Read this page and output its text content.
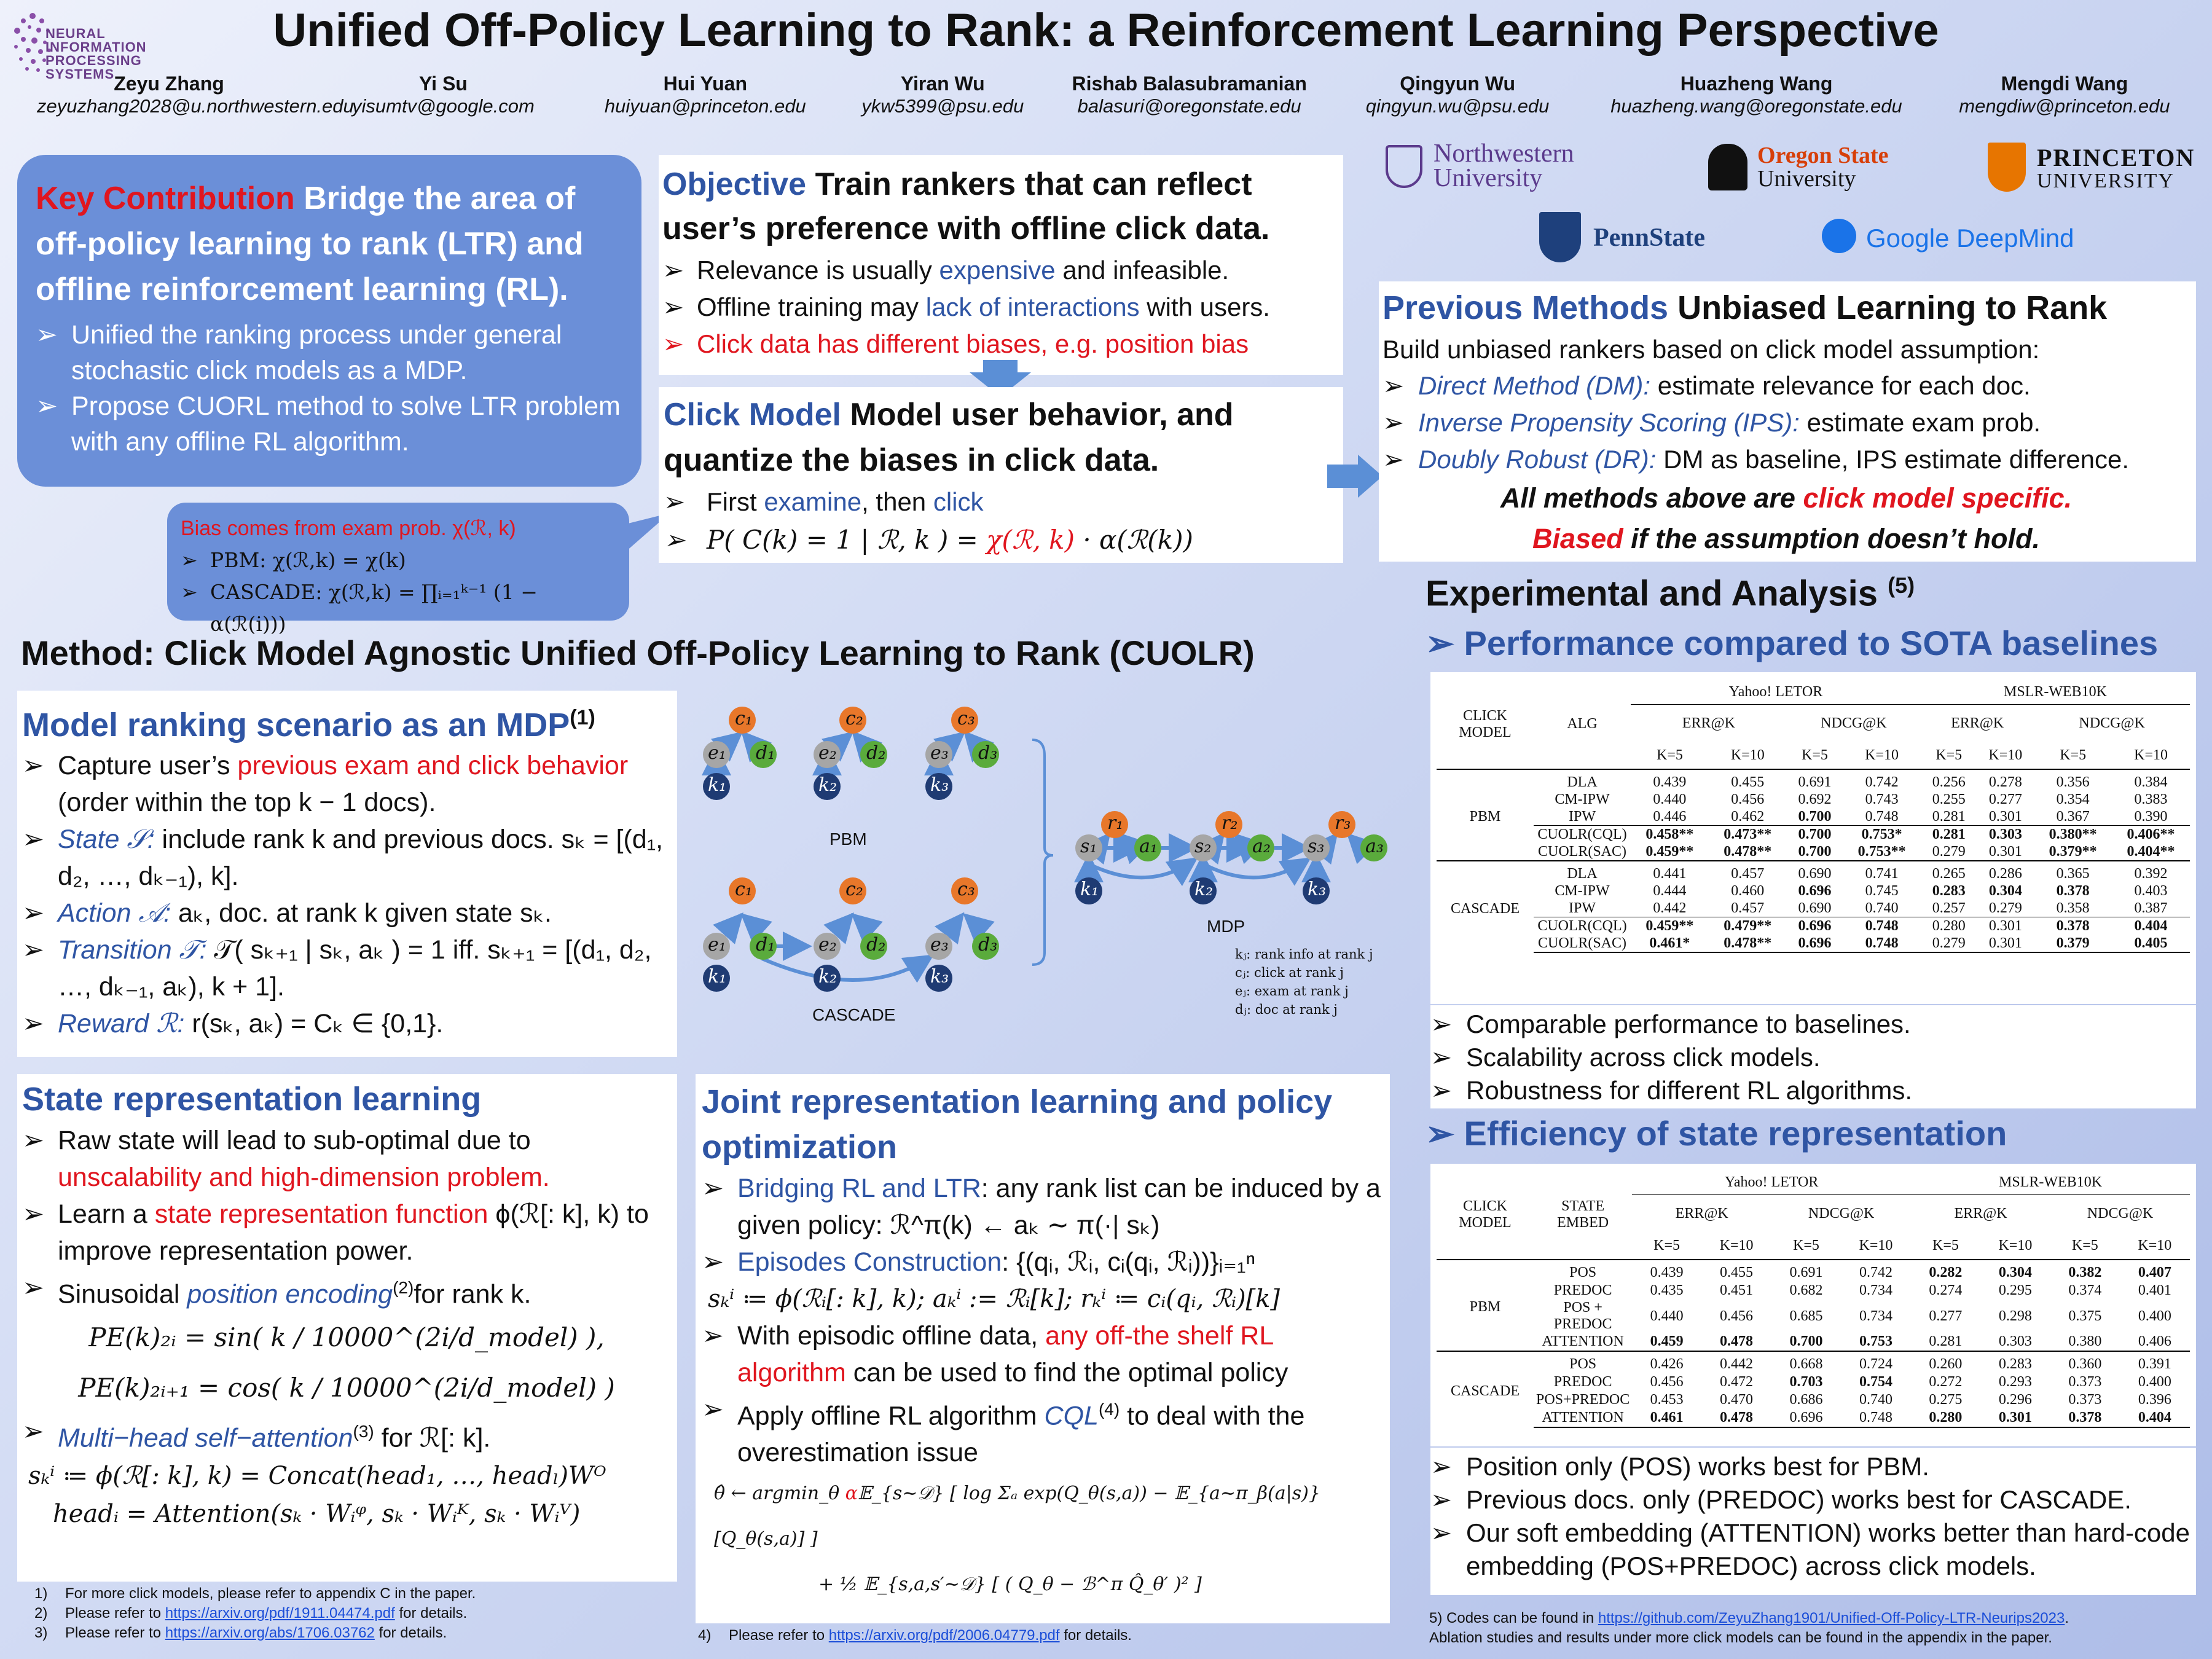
NEURAL
INFORMATION
PROCESSING
SYSTEMS
Unified Off-Policy Learning to Rank: a Reinforcement Learning Perspective
Zeyu Zhang
zeyuzhang2028@u.northwestern.edu
Yi Su
yisumtv@google.com
Hui Yuan
huiyuan@princeton.edu
Yiran Wu
ykw5399@psu.edu
Rishab Balasubramanian
balasuri@oregonstate.edu
Qingyun Wu
qingyun.wu@psu.edu
Huazheng Wang
huazheng.wang@oregonstate.edu
Mengdi Wang
mengdiw@princeton.edu
Northwestern
University
Oregon State
University
PRINCETON
UNIVERSITY
PennState	Google DeepMind
Key Contribution Bridge the area of off-policy learning to rank (LTR) and offline reinforcement learning (RL).
➢ Unified the ranking process under general stochastic click models as a MDP.
➢ Propose CUORL method to solve LTR problem with any offline RL algorithm.
Bias comes from exam prob. χ(ℛ, k)
➢ PBM: χ(ℛ,k) = χ(k)
➢ CASCADE: χ(ℛ,k) = ∏ᵢ₌₁ᵏ⁻¹ (1 − α(ℛ(i)))
Objective Train rankers that can reflect user’s preference with offline click data.
➢ Relevance is usually expensive and infeasible.
➢ Offline training may lack of interactions with users.
➢ Click data has different biases, e.g. position bias
Click Model Model user behavior, and quantize the biases in click data.
➢ First examine, then click
➢ P( C(k) = 1 | ℛ, k ) = χ(ℛ, k) · α(ℛ(k))
Previous Methods Unbiased Learning to Rank
Build unbiased rankers based on click model assumption:
➢ Direct Method (DM): estimate relevance for each doc.
➢ Inverse Propensity Scoring (IPS): estimate exam prob.
➢ Doubly Robust (DR): DM as baseline, IPS estimate difference.
All methods above are click model specific.
Biased if the assumption doesn’t hold.
Method: Click Model Agnostic Unified Off-Policy Learning to Rank (CUOLR)
Model ranking scenario as an MDP$^{(1)}$
➢ Capture user’s previous exam and click behavior (order within the top k − 1 docs).
➢ State 𝒮: include rank k and previous docs. sₖ = [(d₁, d₂, …, dₖ₋₁), k].
➢ Action 𝒜: aₖ, doc. at rank k given state sₖ.
➢ Transition 𝒯: 𝒯( sₖ₊₁ | sₖ, aₖ ) = 1 iff. sₖ₊₁ = [(d₁, d₂, …, dₖ₋₁, aₖ), k + 1].
➢ Reward ℛ: r(sₖ, aₖ) = Cₖ ∈ {0,1}.
c₁
e₁ d₁
k₁
c₂
e₂ d₂
k₂
c₃
e₃ d₃
k₃
PBM
c₁
e₁ d₁
k₁
c₂
e₂ d₂
k₂
c₃
e₃ d₃
k₃
CASCADE
r₁
s₁ a₁
k₁
r₂
s₂ a₂
k₂
r₃
s₃ a₃
k₃
MDP
kⱼ: rank info at rank j
cⱼ: click at rank j
eⱼ: exam at rank j
dⱼ: doc at rank j
State representation learning
➢ Raw state will lead to sub-optimal due to unscalability and high-dimension problem.
➢ Learn a state representation function ϕ(ℛ[: k], k) to improve representation power.
➢ Sinusoidal position encoding$^{(2)}$for rank k.
PE(k)₂ᵢ = sin( k / 10000^(2i/d_model) ),
PE(k)₂ᵢ₊₁ = cos( k / 10000^(2i/d_model) )
➢ Multi−head self−attention$^{(3)}$ for ℛ[: k].
sₖⁱ ≔ ϕ(ℛ[: k], k) = Concat(head₁, …, headₗ)Wᴼ
headᵢ = Attention(sₖ · Wᵢᵠ, sₖ · Wᵢᴷ, sₖ · Wᵢⱽ)
Joint representation learning and policy optimization
➢ Bridging RL and LTR: any rank list can be induced by a given policy: ℛ^π(k) ← aₖ ∼ π(·| sₖ)
➢ Episodes Construction: {(qᵢ, ℛᵢ, cᵢ(qᵢ, ℛᵢ))}ᵢ₌₁ⁿ
sₖⁱ ≔ ϕ(ℛᵢ[: k], k); aₖⁱ := ℛᵢ[k]; rₖⁱ ≔ cᵢ(qᵢ, ℛᵢ)[k]
➢ With episodic offline data, any off-the shelf RL algorithm can be used to find the optimal policy
➢ Apply offline RL algorithm CQL$^{(4)}$ to deal with the overestimation issue
θ̂ ← argmin_θ α𝔼_{s∼𝒟} [ log Σₐ exp(Q_θ(s,a)) − 𝔼_{a∼π_β(a|s)}[Q_θ(s,a)] ]
+ ½ 𝔼_{s,a,s′∼𝒟} [ ( Q_θ − ℬ^π Q̂_θ′ )² ]
1) For more click models, please refer to appendix C in the paper.
2) Please refer to https://arxiv.org/pdf/1911.04474.pdf for details.
3) Please refer to https://arxiv.org/abs/1706.03762 for details.	4) Please refer to https://arxiv.org/pdf/2006.04779.pdf for details.
Experimental and Analysis $^{(5)}$
➢ Performance compared to SOTA baselines
CLICK MODEL	ALG	Yahoo! LETOR				MSLR-WEB10K			
		ERR@K		NDCG@K		ERR@K		NDCG@K	
		K=5	K=10	K=5	K=10	K=5	K=10	K=5	K=10
PBM	DLA	0.439	0.455	0.691	0.742	0.256	0.278	0.356	0.384
	CM-IPW	0.440	0.456	0.692	0.743	0.255	0.277	0.354	0.383
	IPW	0.446	0.462	0.700	0.748	0.281	0.301	0.367	0.390
	CUOLR(CQL)	0.458**	0.473**	0.700	0.753*	0.281	0.303	0.380**	0.406**
	CUOLR(SAC)	0.459**	0.478**	0.700	0.753**	0.279	0.301	0.379**	0.404**
CASCADE	DLA	0.441	0.457	0.690	0.741	0.265	0.286	0.365	0.392
	CM-IPW	0.444	0.460	0.696	0.745	0.283	0.304	0.378	0.403
	IPW	0.442	0.457	0.690	0.740	0.257	0.279	0.358	0.387
	CUOLR(CQL)	0.459**	0.479**	0.696	0.748	0.280	0.301	0.378	0.404
	CUOLR(SAC)	0.461*	0.478**	0.696	0.748	0.279	0.301	0.379	0.405
➢ Comparable performance to baselines.
➢ Scalability across click models.
➢ Robustness for different RL algorithms.
➢ Efficiency of state representation
CLICK MODEL	STATE EMBED	Yahoo! LETOR				MSLR-WEB10K			
		ERR@K		NDCG@K		ERR@K		NDCG@K	
		K=5	K=10	K=5	K=10	K=5	K=10	K=5	K=10
PBM	POS	0.439	0.455	0.691	0.742	0.282	0.304	0.382	0.407
	PREDOC	0.435	0.451	0.682	0.734	0.274	0.295	0.374	0.401
	POS + PREDOC	0.440	0.456	0.685	0.734	0.277	0.298	0.375	0.400
	ATTENTION	0.459	0.478	0.700	0.753	0.281	0.303	0.380	0.406
CASCADE	POS	0.426	0.442	0.668	0.724	0.260	0.283	0.360	0.391
	PREDOC	0.456	0.472	0.703	0.754	0.272	0.293	0.373	0.400
	POS+PREDOC	0.453	0.470	0.686	0.740	0.275	0.296	0.373	0.396
	ATTENTION	0.461	0.478	0.696	0.748	0.280	0.301	0.378	0.404
➢ Position only (POS) works best for PBM.
➢ Previous docs. only (PREDOC) works best for CASCADE.
➢ Our soft embedding (ATTENTION) works better than hard-code embedding (POS+PREDOC) across click models.
5) Codes can be found in https://github.com/ZeyuZhang1901/Unified-Off-Policy-LTR-Neurips2023.
Ablation studies and results under more click models can be found in the appendix in the paper.
